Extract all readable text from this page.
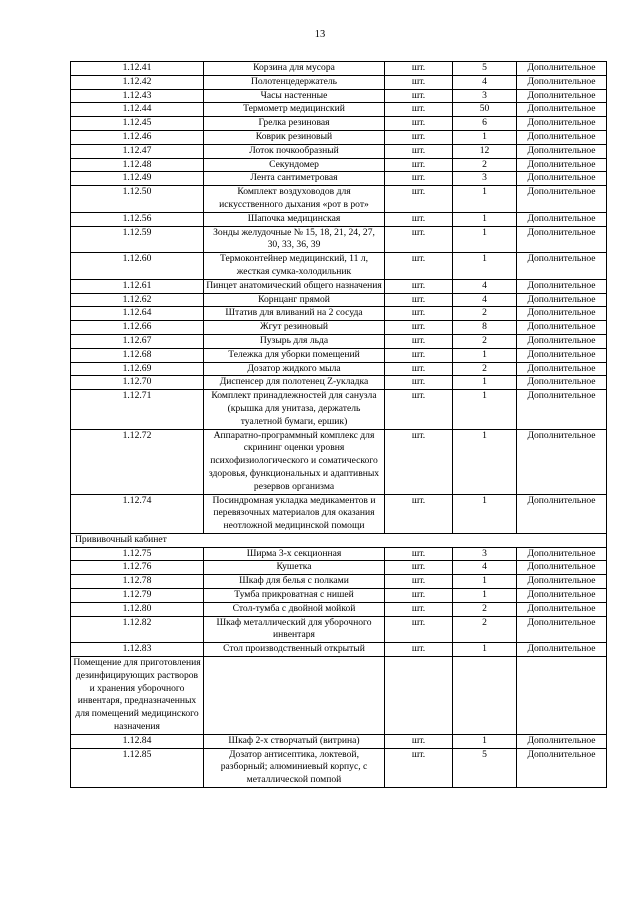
13
1.12.41	Корзина для мусора	шт.	5	Дополнительное
1.12.42	Полотенцедержатель	шт.	4	Дополнительное
1.12.43	Часы настенные	шт.	3	Дополнительное
1.12.44	Термометр медицинский	шт.	50	Дополнительное
1.12.45	Грелка резиновая	шт.	6	Дополнительное
1.12.46	Коврик резиновый	шт.	1	Дополнительное
1.12.47	Лоток почкообразный	шт.	12	Дополнительное
1.12.48	Секундомер	шт.	2	Дополнительное
1.12.49	Лента сантиметровая	шт.	3	Дополнительное
1.12.50	Комплект воздуховодов для искусственного дыхания «рот в рот»	шт.	1	Дополнительное
1.12.56	Шапочка медицинская	шт.	1	Дополнительное
1.12.59	Зонды желудочные № 15, 18, 21, 24, 27, 30, 33, 36, 39	шт.	1	Дополнительное
1.12.60	Термоконтейнер медицинский, 11 л, жесткая сумка-холодильник	шт.	1	Дополнительное
1.12.61	Пинцет анатомический общего назначения	шт.	4	Дополнительное
1.12.62	Корнцанг прямой	шт.	4	Дополнительное
1.12.64	Штатив для вливаний на 2 сосуда	шт.	2	Дополнительное
1.12.66	Жгут резиновый	шт.	8	Дополнительное
1.12.67	Пузырь для льда	шт.	2	Дополнительное
1.12.68	Тележка для уборки помещений	шт.	1	Дополнительное
1.12.69	Дозатор жидкого мыла	шт.	2	Дополнительное
1.12.70	Диспенсер для полотенец Z-укладка	шт.	1	Дополнительное
1.12.71	Комплект принадлежностей для санузла (крышка для унитаза, держатель туалетной бумаги, ершик)	шт.	1	Дополнительное
1.12.72	Аппаратно-программный комплекс для скрининг оценки уровня психофизиологического и соматического здоровья, функциональных и адаптивных резервов организма	шт.	1	Дополнительное
1.12.74	Посиндромная укладка медикаментов и перевязочных материалов для оказания неотложной медицинской помощи	шт.	1	Дополнительное
Прививочный кабинет				
1.12.75	Ширма 3-х секционная	шт.	3	Дополнительное
1.12.76	Кушетка	шт.	4	Дополнительное
1.12.78	Шкаф для белья с полками	шт.	1	Дополнительное
1.12.79	Тумба прикроватная с нишей	шт.	1	Дополнительное
1.12.80	Стол-тумба с двойной мойкой	шт.	2	Дополнительное
1.12.82	Шкаф металлический для уборочного инвентаря	шт.	2	Дополнительное
1.12.83	Стол производственный открытый	шт.	1	Дополнительное
Помещение для приготовления дезинфицирующих растворов и хранения уборочного инвентаря, предназначенных для помещений медицинского назначения				
1.12.84	Шкаф 2-х створчатый (витрина)	шт.	1	Дополнительное
1.12.85	Дозатор антисептика, локтевой, разборный; алюминиевый корпус, с металлической помпой	шт.	5	Дополнительное
